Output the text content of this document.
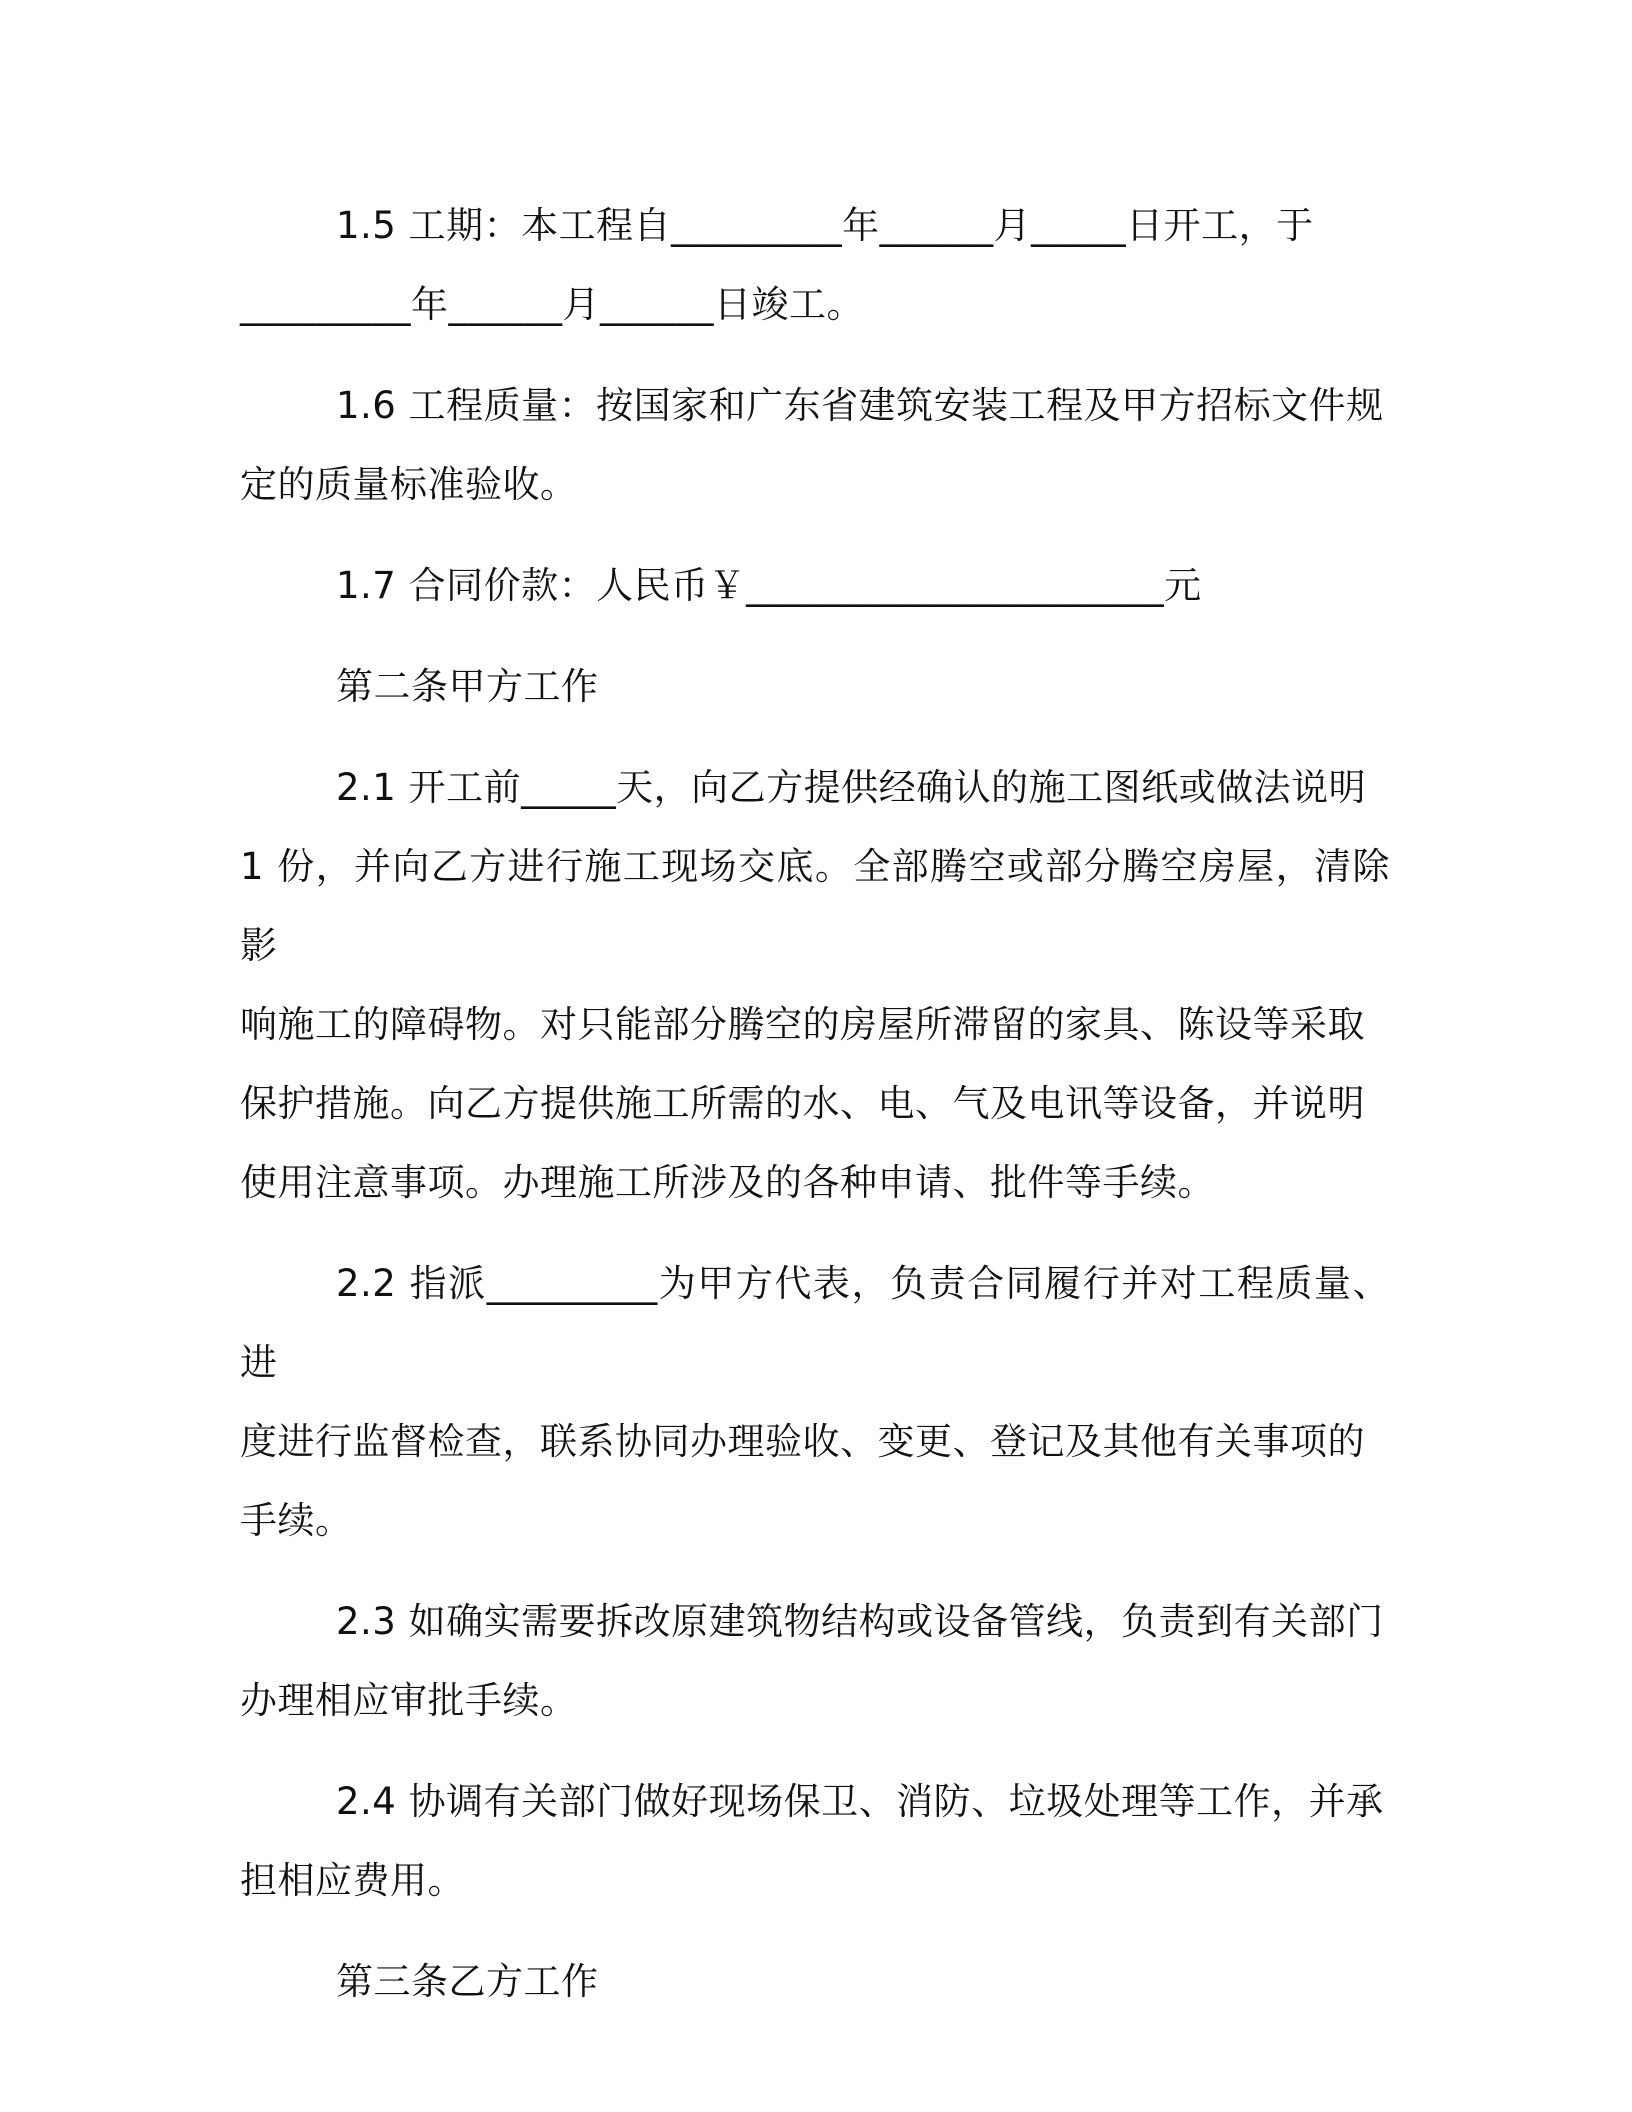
1.5 工期：本工程自_________年______月_____日开工，于
_________年______月______日竣工。

1.6 工程质量：按国家和广东省建筑安装工程及甲方招标文件规
定的质量标准验收。

1.7 合同价款：人民币￥______________________元

第二条甲方工作

2.1 开工前_____天，向乙方提供经确认的施工图纸或做法说明
1 份，并向乙方进行施工现场交底。全部腾空或部分腾空房屋，清除影
响施工的障碍物。对只能部分腾空的房屋所滞留的家具、陈设等采取
保护措施。向乙方提供施工所需的水、电、气及电讯等设备，并说明
使用注意事项。办理施工所涉及的各种申请、批件等手续。

2.2 指派_________为甲方代表，负责合同履行并对工程质量、进
度进行监督检查，联系协同办理验收、变更、登记及其他有关事项的
手续。

2.3 如确实需要拆改原建筑物结构或设备管线，负责到有关部门
办理相应审批手续。

2.4 协调有关部门做好现场保卫、消防、垃圾处理等工作，并承
担相应费用。

第三条乙方工作
